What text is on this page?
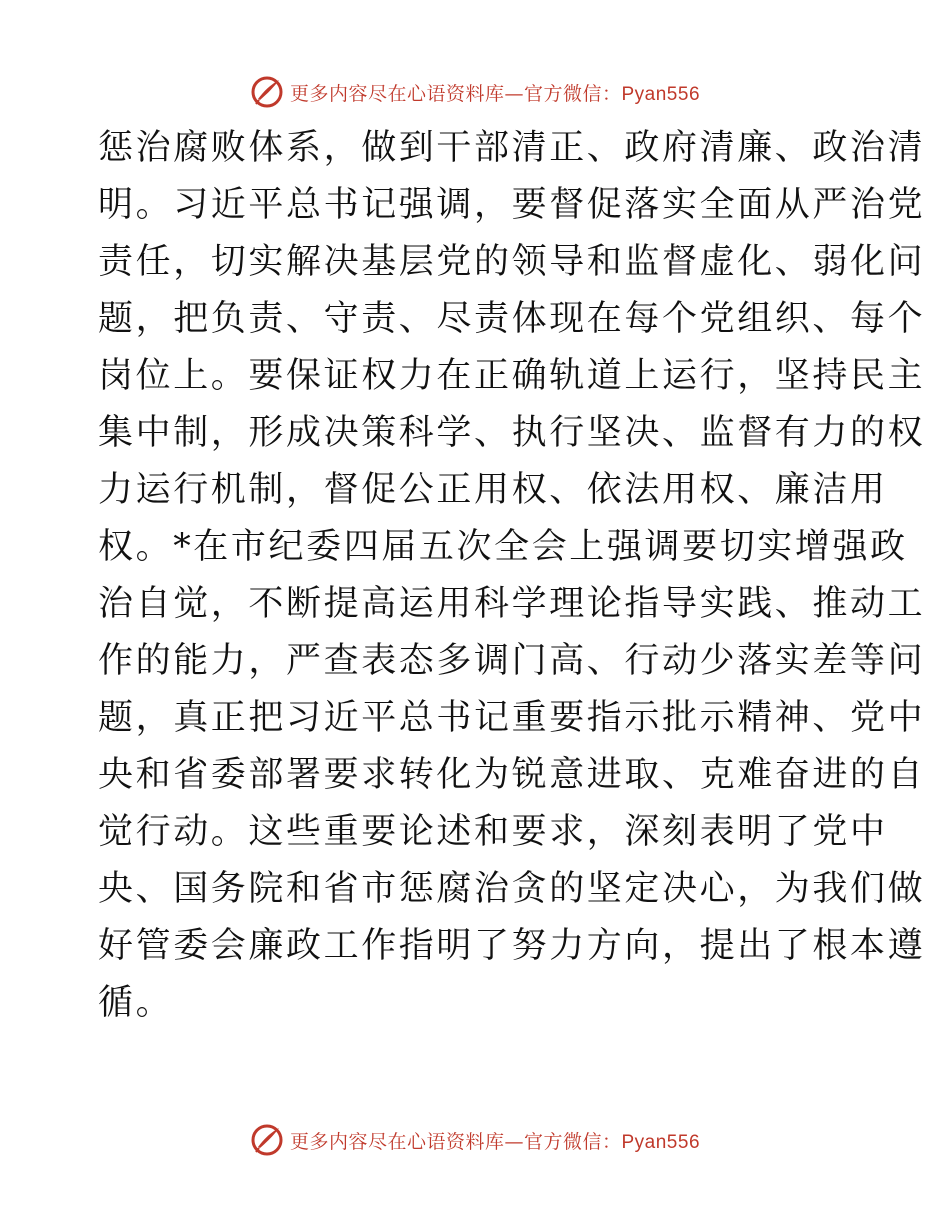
更多内容尽在心语资料库—官方微信：Pyan556
惩治腐败体系，做到干部清正、政府清廉、政治清
明。习近平总书记强调，要督促落实全面从严治党
责任，切实解决基层党的领导和监督虚化、弱化问
题，把负责、守责、尽责体现在每个党组织、每个
岗位上。要保证权力在正确轨道上运行，坚持民主
集中制，形成决策科学、执行坚决、监督有力的权
力运行机制，督促公正用权、依法用权、廉洁用
权。*在市纪委四届五次全会上强调要切实增强政
治自觉，不断提高运用科学理论指导实践、推动工
作的能力，严查表态多调门高、行动少落实差等问
题，真正把习近平总书记重要指示批示精神、党中
央和省委部署要求转化为锐意进取、克难奋进的自
觉行动。这些重要论述和要求，深刻表明了党中
央、国务院和省市惩腐治贪的坚定决心，为我们做
好管委会廉政工作指明了努力方向，提出了根本遵
循。
更多内容尽在心语资料库—官方微信：Pyan556
